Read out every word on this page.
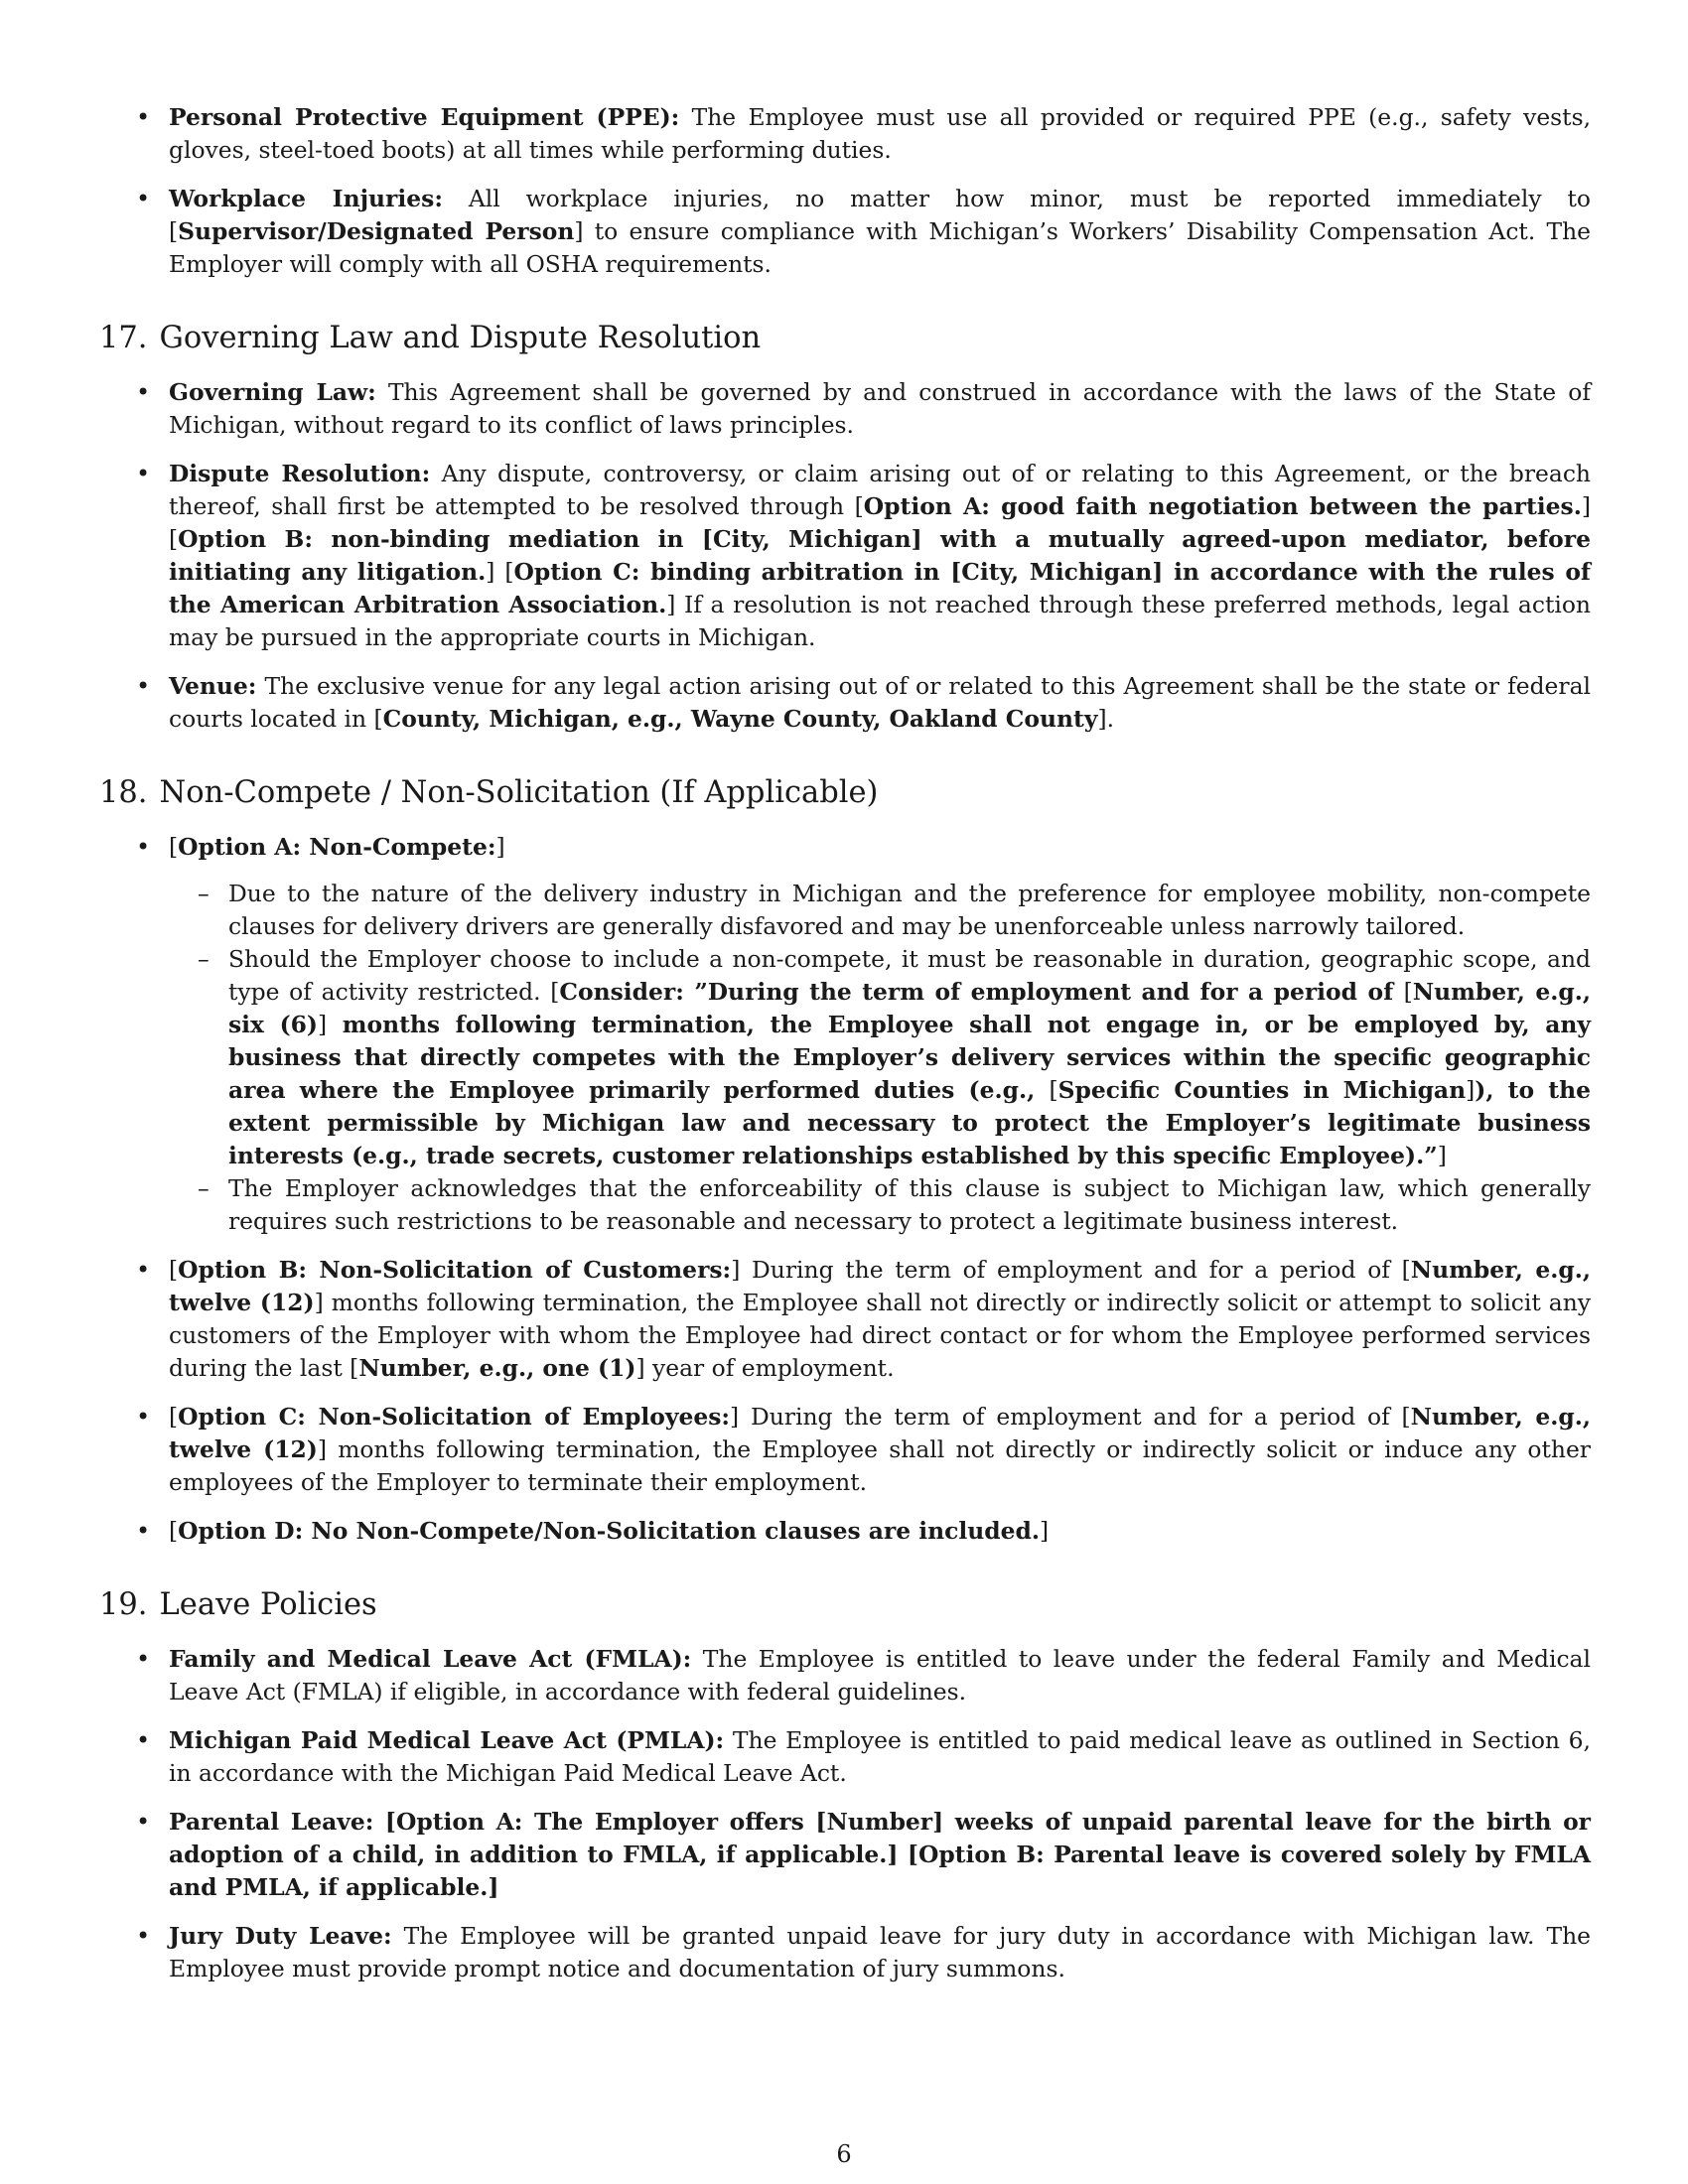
• Personal Protective Equipment (PPE): The Employee must use all provided or required PPE (e.g., safety vests, gloves, steel-toed boots) at all times while performing duties.
• Workplace Injuries: All workplace injuries, no matter how minor, must be reported immediately to [Supervisor/Designated Person] to ensure compliance with Michigan’s Workers’ Disability Compensation Act. The Employer will comply with all OSHA requirements.
17. Governing Law and Dispute Resolution
• Governing Law: This Agreement shall be governed by and construed in accordance with the laws of the State of Michigan, without regard to its conflict of laws principles.
• Dispute Resolution: Any dispute, controversy, or claim arising out of or relating to this Agreement, or the breach thereof, shall first be attempted to be resolved through [Option A: good faith negotiation between the parties.] [Option B: non-binding mediation in [City, Michigan] with a mutually agreed-upon mediator, before initiating any litigation.] [Option C: binding arbitration in [City, Michigan] in accordance with the rules of the American Arbitration Association.] If a resolution is not reached through these preferred methods, legal action may be pursued in the appropriate courts in Michigan.
• Venue: The exclusive venue for any legal action arising out of or related to this Agreement shall be the state or federal courts located in [County, Michigan, e.g., Wayne County, Oakland County].
18. Non-Compete / Non-Solicitation (If Applicable)
• [Option A: Non-Compete:]
– Due to the nature of the delivery industry in Michigan and the preference for employee mobility, non-compete clauses for delivery drivers are generally disfavored and may be unenforceable unless narrowly tailored.
– Should the Employer choose to include a non-compete, it must be reasonable in duration, geographic scope, and type of activity restricted. [Consider: ”During the term of employment and for a period of [Number, e.g., six (6)] months following termination, the Employee shall not engage in, or be employed by, any business that directly competes with the Employer’s delivery services within the specific geographic area where the Employee primarily performed duties (e.g., [Specific Counties in Michigan]), to the extent permissible by Michigan law and necessary to protect the Employer’s legitimate business interests (e.g., trade secrets, customer relationships established by this specific Employee).”]
– The Employer acknowledges that the enforceability of this clause is subject to Michigan law, which generally requires such restrictions to be reasonable and necessary to protect a legitimate business interest.
• [Option B: Non-Solicitation of Customers:] During the term of employment and for a period of [Number, e.g., twelve (12)] months following termination, the Employee shall not directly or indirectly solicit or attempt to solicit any customers of the Employer with whom the Employee had direct contact or for whom the Employee performed services during the last [Number, e.g., one (1)] year of employment.
• [Option C: Non-Solicitation of Employees:] During the term of employment and for a period of [Number, e.g., twelve (12)] months following termination, the Employee shall not directly or indirectly solicit or induce any other employees of the Employer to terminate their employment.
• [Option D: No Non-Compete/Non-Solicitation clauses are included.]
19. Leave Policies
• Family and Medical Leave Act (FMLA): The Employee is entitled to leave under the federal Family and Medical Leave Act (FMLA) if eligible, in accordance with federal guidelines.
• Michigan Paid Medical Leave Act (PMLA): The Employee is entitled to paid medical leave as outlined in Section 6, in accordance with the Michigan Paid Medical Leave Act.
• Parental Leave: [Option A: The Employer offers [Number] weeks of unpaid parental leave for the birth or adoption of a child, in addition to FMLA, if applicable.] [Option B: Parental leave is covered solely by FMLA and PMLA, if applicable.]
• Jury Duty Leave: The Employee will be granted unpaid leave for jury duty in accordance with Michigan law. The Employee must provide prompt notice and documentation of jury summons.
6
